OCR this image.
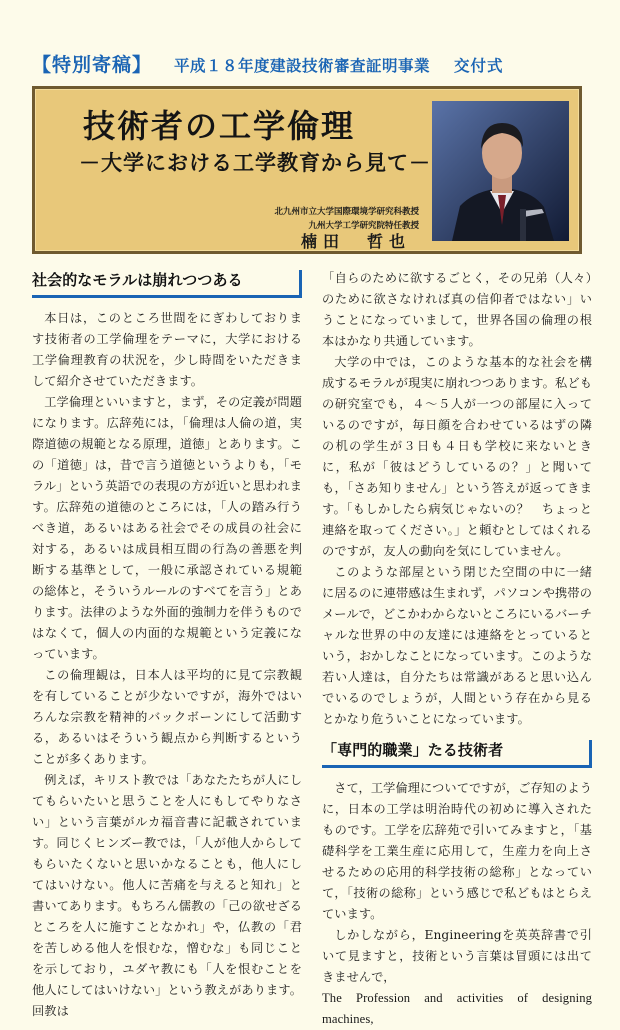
【特別寄稿】 平成１８年度建設技術審査証明事業 交付式
技術者の工学倫理
－大学における工学教育から見て－
北九州市立大学国際環境学研究科教授
九州大学工学研究院特任教授
楠田　哲也
社会的なモラルは崩れつつある

本日は，このところ世間をにぎわしております技術者の工学倫理をテーマに，大学における工学倫理教育の状況を，少し時間をいただきまして紹介させていただきます。

工学倫理といいますと，まず，その定義が問題になります。広辞苑には，「倫理は人倫の道，実際道徳の規範となる原理，道徳」とあります。この「道徳」は，昔で言う道徳というよりも，「モラル」という英語での表現の方が近いと思われます。広辞苑の道徳のところには，「人の踏み行うべき道，あるいはある社会でその成員の社会に対する，あるいは成員相互間の行為の善悪を判断する基準として，一般に承認されている規範の総体と，そういうルールのすべてを言う」とあります。法律のような外面的強制力を伴うものではなくて，個人の内面的な規範という定義になっています。

この倫理観は，日本人は平均的に見て宗教観を有していることが少ないですが，海外ではいろんな宗教を精神的バックボーンにして活動する，あるいはそういう観点から判断するということが多くあります。

例えば，キリスト教では「あなたたちが人にしてもらいたいと思うことを人にもしてやりなさい」という言葉がルカ福音書に記載されています。同じくヒンズー教では，「人が他人からしてもらいたくないと思いかなることも，他人にしてはいけない。他人に苦痛を与えると知れ」と書いてあります。もちろん儒教の「己の欲せざるところを人に施すことなかれ」や，仏教の「君を苦しめる他人を恨むな，憎むな」も同じことを示しており，ユダヤ教にも「人を恨むことを他人にしてはいけない」という教えがあります。回教は

「自らのために欲するごとく，その兄弟（人々）のために欲さなければ真の信仰者ではない」いうことになっていまして，世界各国の倫理の根本はかなり共通しています。

大学の中では，このような基本的な社会を構成するモラルが現実に崩れつつあります。私どもの研究室でも，４～５人が一つの部屋に入っているのですが，毎日顔を合わせているはずの隣の机の学生が３日も４日も学校に来ないときに，私が「彼はどうしているの？」と聞いても，「さあ知りません」という答えが返ってきます。「もしかしたら病気じゃないの？　ちょっと連絡を取ってください。」と頼むとしてはくれるのですが，友人の動向を気にしていません。

このような部屋という閉じた空間の中に一緒に居るのに連帯感は生まれず，パソコンや携帯のメールで，どこかわからないところにいるバーチャルな世界の中の友達には連絡をとっているという，おかしなことになっています。このような若い人達は，自分たちは常識があると思い込んでいるのでしょうが，人間という存在から見るとかなり危ういことになっています。

「専門的職業」たる技術者

さて，工学倫理についてですが，ご存知のように，日本の工学は明治時代の初めに導入されたものです。工学を広辞苑で引いてみますと，「基礎科学を工業生産に応用して，生産力を向上させるための応用的科学技術の総称」となっていて，「技術の総称」という感じで私どもはとらえています。

しかしながら，Engineeringを英英辞書で引いて見ますと，技術という言葉は冒頭には出てきませんで，

The Profession and activities of designing machines,
